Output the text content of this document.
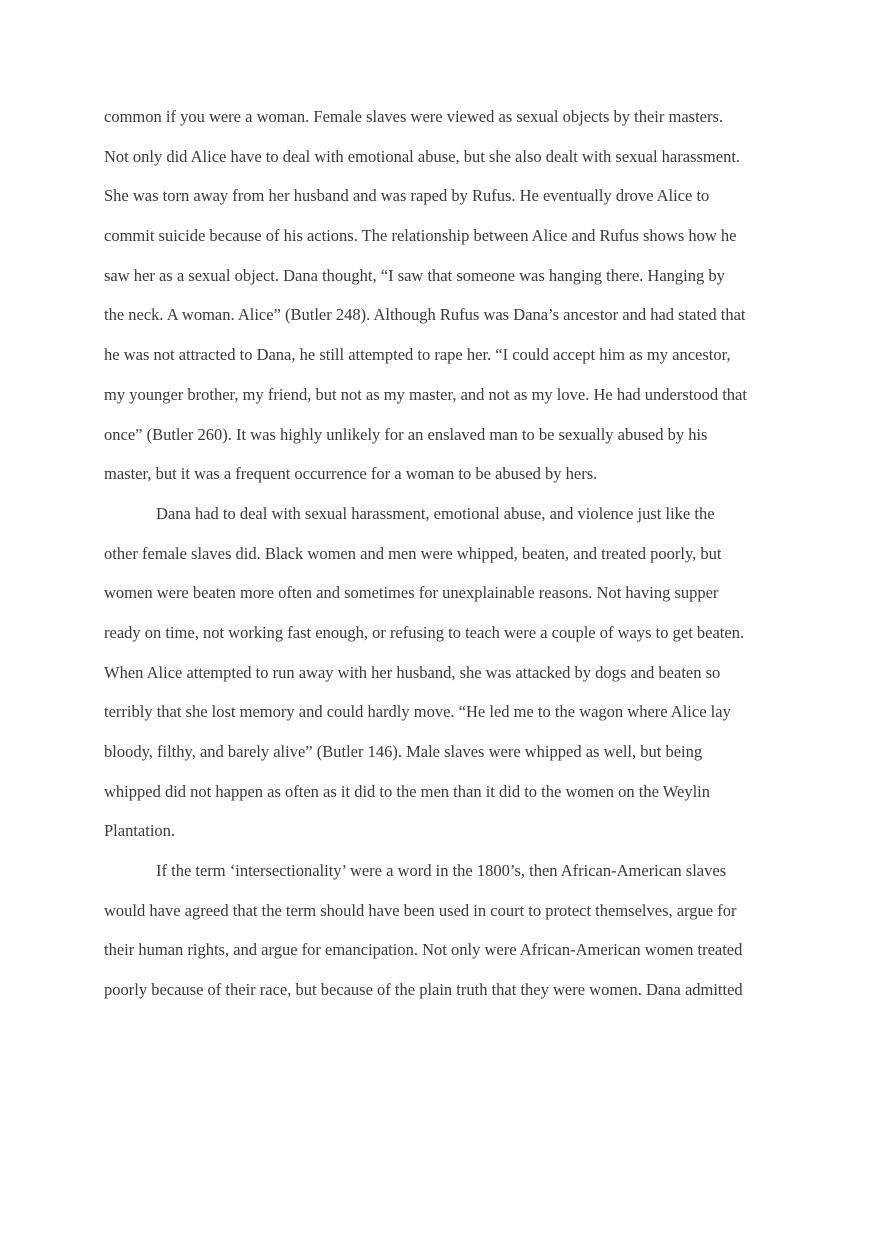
common if you were a woman. Female slaves were viewed as sexual objects by their masters.
Not only did Alice have to deal with emotional abuse, but she also dealt with sexual harassment.
She was torn away from her husband and was raped by Rufus. He eventually drove Alice to
commit suicide because of his actions. The relationship between Alice and Rufus shows how he
saw her as a sexual object. Dana thought, “I saw that someone was hanging there. Hanging by
the neck. A woman. Alice” (Butler 248). Although Rufus was Dana’s ancestor and had stated that
he was not attracted to Dana, he still attempted to rape her. “I could accept him as my ancestor,
my younger brother, my friend, but not as my master, and not as my love. He had understood that
once” (Butler 260). It was highly unlikely for an enslaved man to be sexually abused by his
master, but it was a frequent occurrence for a woman to be abused by hers.
Dana had to deal with sexual harassment, emotional abuse, and violence just like the
other female slaves did. Black women and men were whipped, beaten, and treated poorly, but
women were beaten more often and sometimes for unexplainable reasons. Not having supper
ready on time, not working fast enough, or refusing to teach were a couple of ways to get beaten.
When Alice attempted to run away with her husband, she was attacked by dogs and beaten so
terribly that she lost memory and could hardly move. “He led me to the wagon where Alice lay
bloody, filthy, and barely alive” (Butler 146). Male slaves were whipped as well, but being
whipped did not happen as often as it did to the men than it did to the women on the Weylin
Plantation.
If the term ‘intersectionality’ were a word in the 1800’s, then African-American slaves
would have agreed that the term should have been used in court to protect themselves, argue for
their human rights, and argue for emancipation. Not only were African-American women treated
poorly because of their race, but because of the plain truth that they were women. Dana admitted
